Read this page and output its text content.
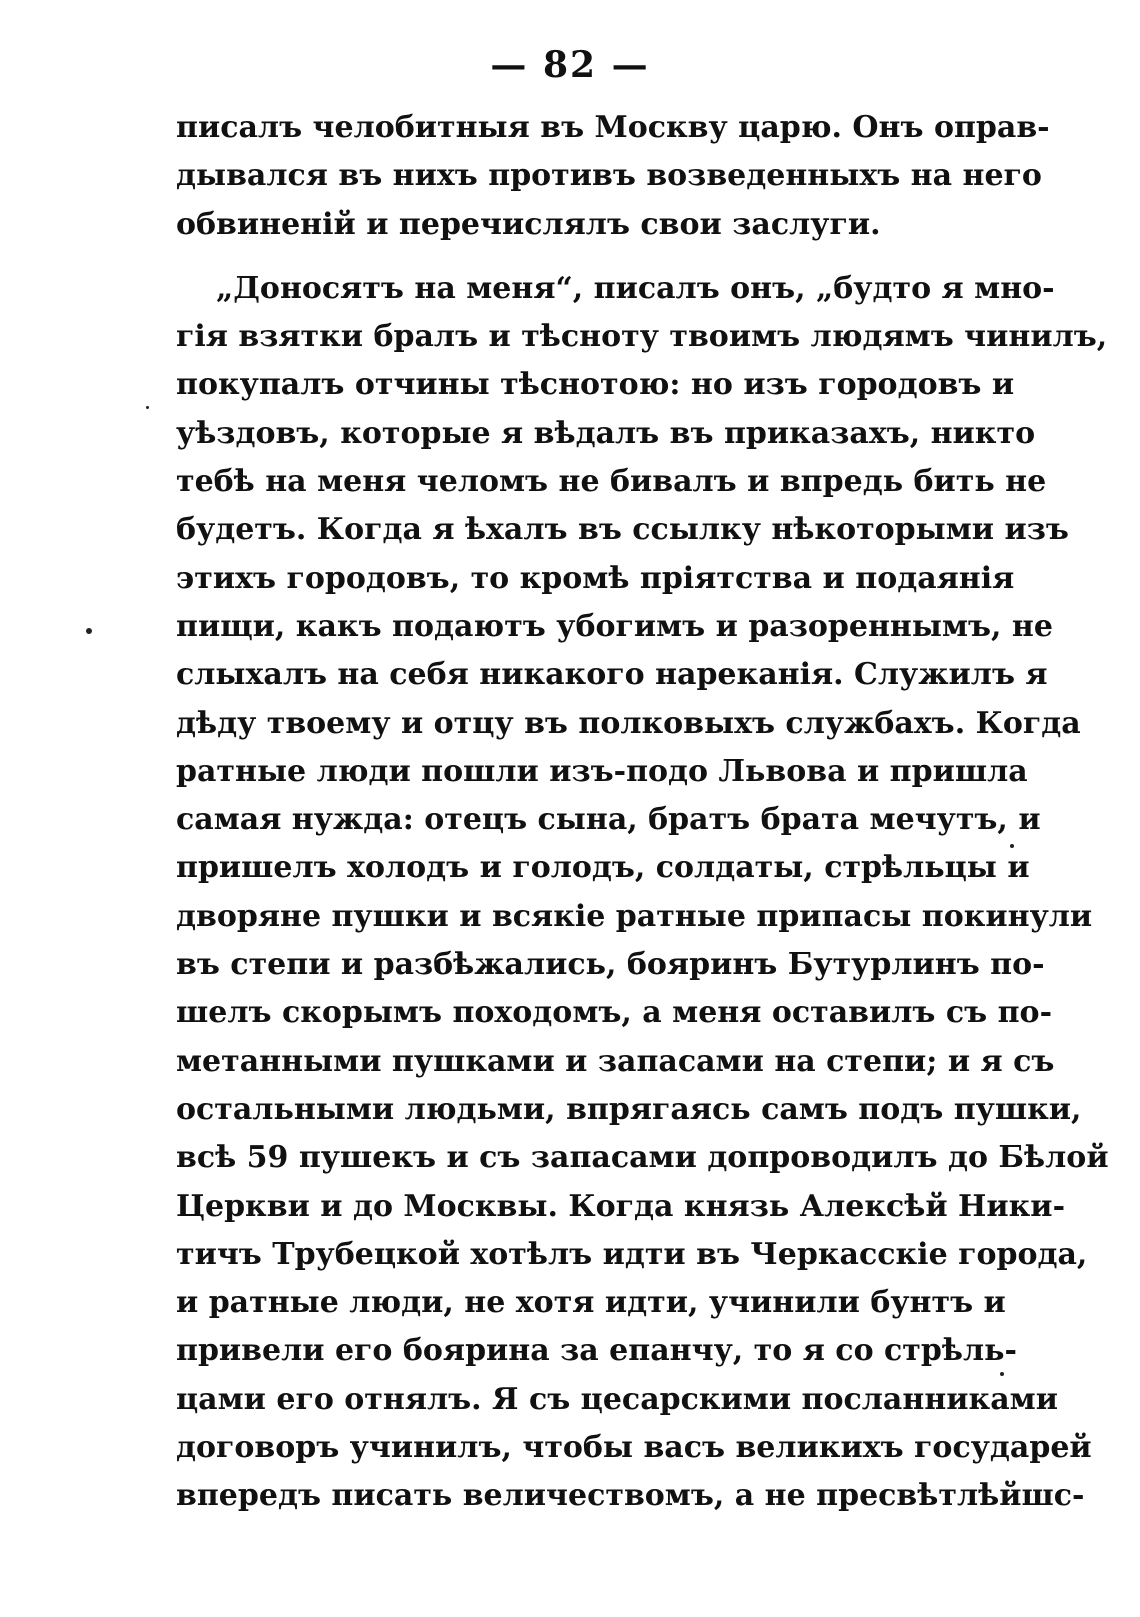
— 82 —
писалъ челобитныя въ Москву царю. Онъ оправ-
дывался въ нихъ противъ возведенныхъ на него
обвиненій и перечислялъ свои заслуги.
„Доносятъ на меня“, писалъ онъ, „будто я мно-
гія взятки бралъ и тѣсноту твоимъ людямъ чинилъ,
покупалъ отчины тѣснотою: но изъ городовъ и
уѣздовъ, которые я вѣдалъ въ приказахъ, никто
тебѣ на меня челомъ не бивалъ и впредь бить не
будетъ. Когда я ѣхалъ въ ссылку нѣкоторыми изъ
этихъ городовъ, то кромѣ пріятства и подаянія
пищи, какъ подаютъ убогимъ и разореннымъ, не
слыхалъ на себя никакого нареканія. Служилъ я
дѣду твоему и отцу въ полковыхъ службахъ. Когда
ратные люди пошли изъ-подо Львова и пришла
самая нужда: отецъ сына, братъ брата мечутъ, и
пришелъ холодъ и голодъ, солдаты, стрѣльцы и
дворяне пушки и всякіе ратные припасы покинули
въ степи и разбѣжались, бояринъ Бутурлинъ по-
шелъ скорымъ походомъ, а меня оставилъ съ по-
метанными пушками и запасами на степи; и я съ
остальными людьми, впрягаясь самъ подъ пушки,
всѣ 59 пушекъ и съ запасами допроводилъ до Бѣлой
Церкви и до Москвы. Когда князь Алексѣй Ники-
тичъ Трубецкой хотѣлъ идти въ Черкасскіе города,
и ратные люди, не хотя идти, учинили бунтъ и
привели его боярина за епанчу, то я со стрѣль-
цами его отнялъ. Я съ цесарскими посланниками
договоръ учинилъ, чтобы васъ великихъ государей
впередъ писать величествомъ, а не пресвѣтлѣйшс-
